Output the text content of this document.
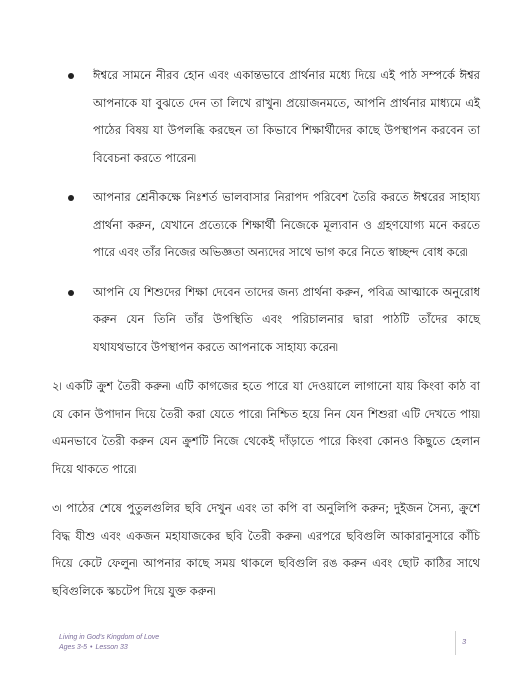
ঈশ্বরে সামনে নীরব হোন এবং একান্তভাবে প্রার্থনার মধ্যে দিয়ে এই পাঠ সম্পর্কে ঈশ্বর আপনাকে যা বুঝতে দেন তা লিখে রাখুন৷ প্রয়োজনমতে, আপনি প্রার্থনার মাধ্যমে এই পাঠের বিষয় যা উপলব্ধি করছেন তা কিভাবে শিক্ষার্থীদের কাছে উপস্থাপন করবেন তা বিবেচনা করতে পারেন৷
আপনার শ্রেনীকক্ষে নিঃশর্ত ভালবাসার নিরাপদ পরিবেশ তৈরি করতে ঈশ্বরের সাহায্য প্রার্থনা করুন, যেখানে প্রত্যেকে শিক্ষার্থী নিজেকে মূল্যবান ও গ্রহণযোগ্য মনে করতে পারে এবং তাঁর নিজের অভিজ্ঞতা অন্যদের সাথে ভাগ করে নিতে স্বাচ্ছন্দ বোধ করে৷
আপনি যে শিশুদের শিক্ষা দেবেন তাদের জন্য প্রার্থনা করুন, পবিত্র আত্মাকে অনুরোধ করুন যেন তিনি তাঁর উপস্থিতি এবং পরিচালনার দ্বারা পাঠটি তাঁদের কাছে যথাযথভাবে উপস্থাপন করতে আপনাকে সাহায্য করেন৷

২৷ একটি ক্রুশ তৈরী করুন৷ এটি কাগজের হতে পারে যা দেওয়ালে লাগানো যায় কিংবা কাঠ বা যে কোন উপাদান দিয়ে তৈরী করা যেতে পারে৷ নিশ্চিত হয়ে নিন যেন শিশুরা এটি দেখতে পায়৷ এমনভাবে তৈরী করুন যেন ক্রুশটি নিজে থেকেই দাঁড়াতে পারে কিংবা কোনও কিছুতে হেলান দিয়ে থাকতে পারে৷

৩৷ পাঠের শেষে পুতুলগুলির ছবি দেখুন এবং তা কপি বা অনুলিপি করুন; দুইজন সৈন্য, ক্রুশে বিদ্ধ যীশু এবং একজন মহাযাজকের ছবি তৈরী করুন৷ এরপরে ছবিগুলি আকারানুসারে কাঁচি দিয়ে কেটে ফেলুন৷ আপনার কাছে সময় থাকলে ছবিগুলি রঙ করুন এবং ছোট কাঠির সাথে ছবিগুলিকে স্কচটেপ দিয়ে যুক্ত করুন৷

Living in God's Kingdom of Love
Ages 3-5 • Lesson 33
3
